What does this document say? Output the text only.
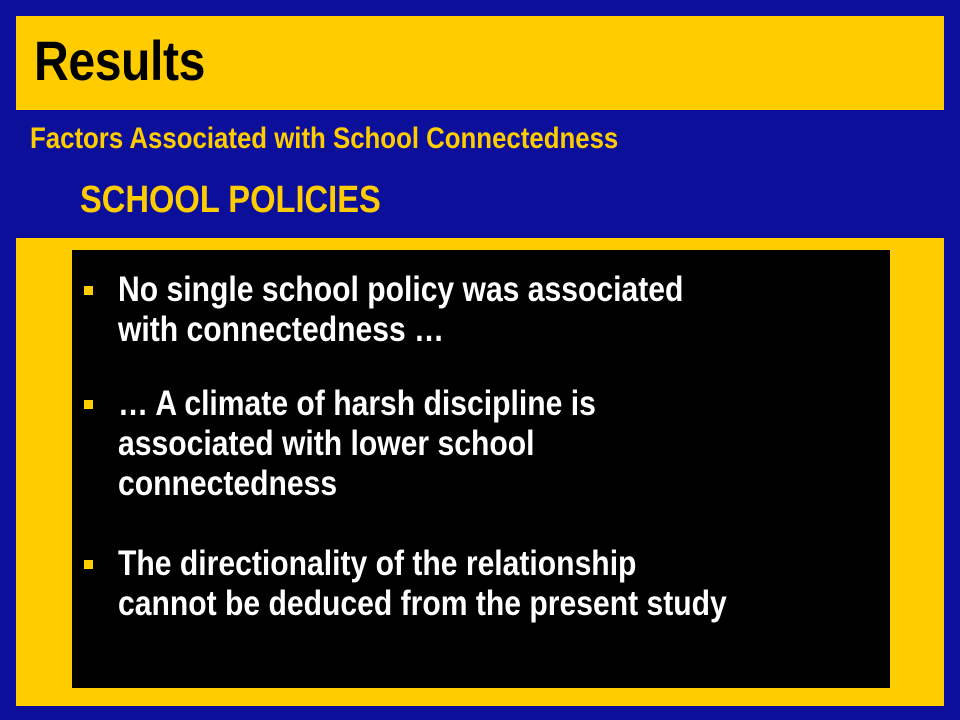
Results
Factors Associated with School Connectedness
SCHOOL POLICIES
No single school policy was associated
with connectedness …
… A climate of harsh discipline is
associated with lower school
connectedness
The directionality of the relationship
cannot be deduced from the present study
